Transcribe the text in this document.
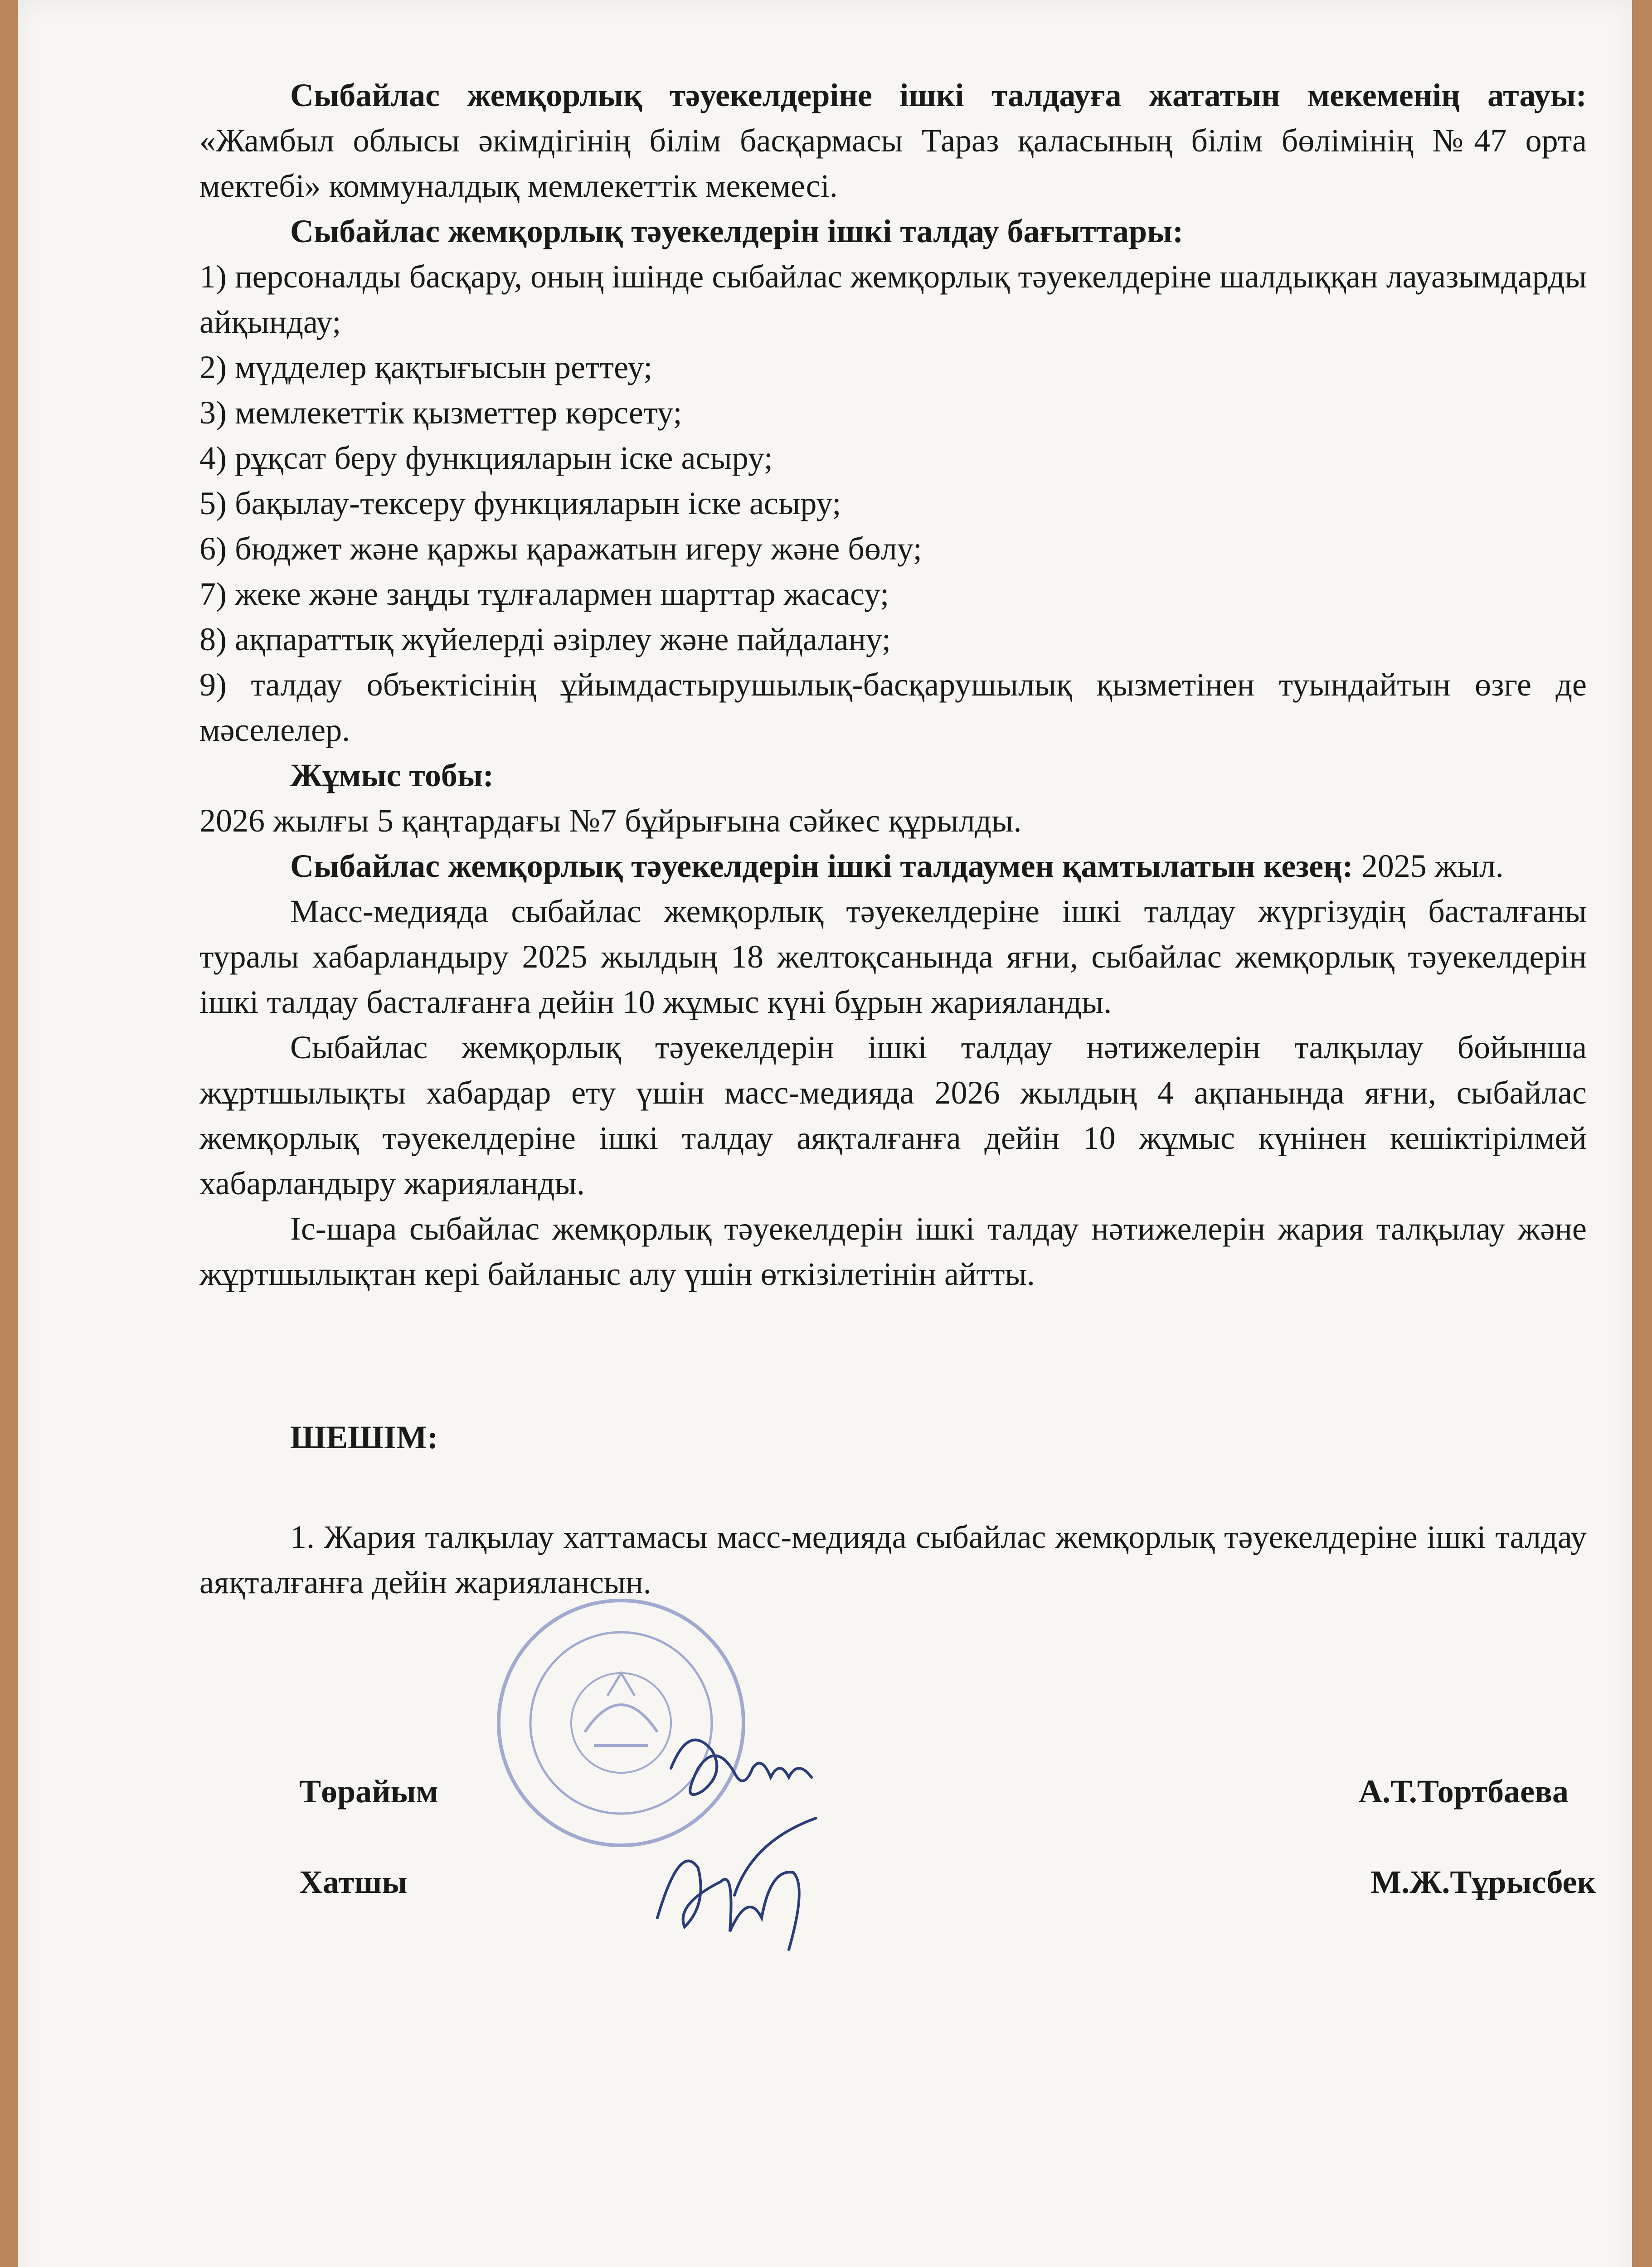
Сыбайлас жемқорлық тәуекелдеріне ішкі талдауға жататын мекеменің атауы: «Жамбыл облысы әкімдігінің білім басқармасы Тараз қаласының білім бөлімінің №47 орта мектебі» коммуналдық мемлекеттік мекемесі.

Сыбайлас жемқорлық тәуекелдерін ішкі талдау бағыттары:

1) персоналды басқару, оның ішінде сыбайлас жемқорлық тәуекелдеріне шалдыққан лауазымдарды айқындау;

2) мүдделер қақтығысын реттеу;

3) мемлекеттік қызметтер көрсету;

4) рұқсат беру функцияларын іске асыру;

5) бақылау-тексеру функцияларын іске асыру;

6) бюджет және қаржы қаражатын игеру және бөлу;

7) жеке және заңды тұлғалармен шарттар жасасу;

8) ақпараттық жүйелерді әзірлеу және пайдалану;

9) талдау объектісінің ұйымдастырушылық-басқарушылық қызметінен туындайтын өзге де мәселелер.

Жұмыс тобы:

2026 жылғы 5 қаңтардағы №7 бұйрығына сәйкес құрылды.

Сыбайлас жемқорлық тәуекелдерін ішкі талдаумен қамтылатын кезең: 2025 жыл.

Масс-медияда сыбайлас жемқорлық тәуекелдеріне ішкі талдау жүргізудің басталғаны туралы хабарландыру 2025 жылдың 18 желтоқсанында яғни, сыбайлас жемқорлық тәуекелдерін ішкі талдау басталғанға дейін 10 жұмыс күні бұрын жарияланды.

Сыбайлас жемқорлық тәуекелдерін ішкі талдау нәтижелерін талқылау бойынша жұртшылықты хабардар ету үшін масс-медияда 2026 жылдың 4 ақпанында яғни, сыбайлас жемқорлық тәуекелдеріне ішкі талдау аяқталғанға дейін 10 жұмыс күнінен кешіктірілмей хабарландыру жарияланды.

Іс-шара сыбайлас жемқорлық тәуекелдерін ішкі талдау нәтижелерін жария талқылау және жұртшылықтан кері байланыс алу үшін өткізілетінін айтты.

ШЕШІМ:

1. Жария талқылау хаттамасы масс-медияда сыбайлас жемқорлық тәуекелдеріне ішкі талдау аяқталғанға дейін жариялансын.

Төрайым	А.Т.Тортбаева
Хатшы	М.Ж.Тұрысбек
